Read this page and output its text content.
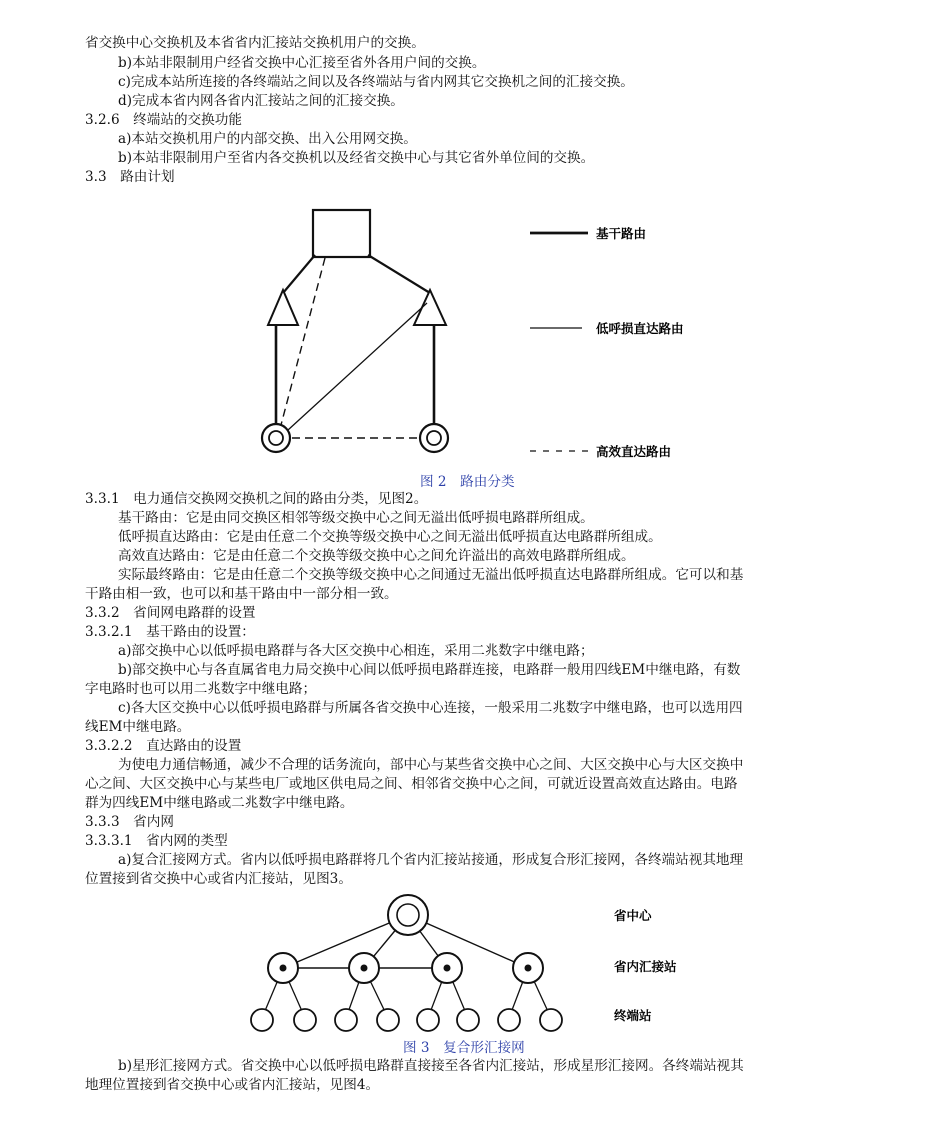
省交换中心交换机及本省省内汇接站交换机用户的交换。
b)本站非限制用户经省交换中心汇接至省外各用户间的交换。
c)完成本站所连接的各终端站之间以及各终端站与省内网其它交换机之间的汇接交换。
d)完成本省内网各省内汇接站之间的汇接交换。
3.2.6　终端站的交换功能
a)本站交换机用户的内部交换、出入公用网交换。
b)本站非限制用户至省内各交换机以及经省交换中心与其它省外单位间的交换。
3.3　路由计划
基干路由
低呼损直达路由
高效直达路由
省中心
省内汇接站
终端站
图 2　路由分类
3.3.1　电力通信交换网交换机之间的路由分类，见图2。
基干路由：它是由同交换区相邻等级交换中心之间无溢出低呼损电路群所组成。
低呼损直达路由：它是由任意二个交换等级交换中心之间无溢出低呼损直达电路群所组成。
高效直达路由：它是由任意二个交换等级交换中心之间允许溢出的高效电路群所组成。
实际最终路由：它是由任意二个交换等级交换中心之间通过无溢出低呼损直达电路群所组成。它可以和基
干路由相一致，也可以和基干路由中一部分相一致。
3.3.2　省间网电路群的设置
3.3.2.1　基干路由的设置：
a)部交换中心以低呼损电路群与各大区交换中心相连，采用二兆数字中继电路；
b)部交换中心与各直属省电力局交换中心间以低呼损电路群连接，电路群一般用四线EM中继电路，有数
字电路时也可以用二兆数字中继电路；
c)各大区交换中心以低呼损电路群与所属各省交换中心连接，一般采用二兆数字中继电路，也可以选用四
线EM中继电路。
3.3.2.2　直达路由的设置
为使电力通信畅通，减少不合理的话务流向，部中心与某些省交换中心之间、大区交换中心与大区交换中
心之间、大区交换中心与某些电厂或地区供电局之间、相邻省交换中心之间，可就近设置高效直达路由。电路
群为四线EM中继电路或二兆数字中继电路。
3.3.3　省内网
3.3.3.1　省内网的类型
a)复合汇接网方式。省内以低呼损电路群将几个省内汇接站接通，形成复合形汇接网，各终端站视其地理
位置接到省交换中心或省内汇接站，见图3。
图 3　复合形汇接网
b)星形汇接网方式。省交换中心以低呼损电路群直接接至各省内汇接站，形成星形汇接网。各终端站视其
地理位置接到省交换中心或省内汇接站，见图4。
